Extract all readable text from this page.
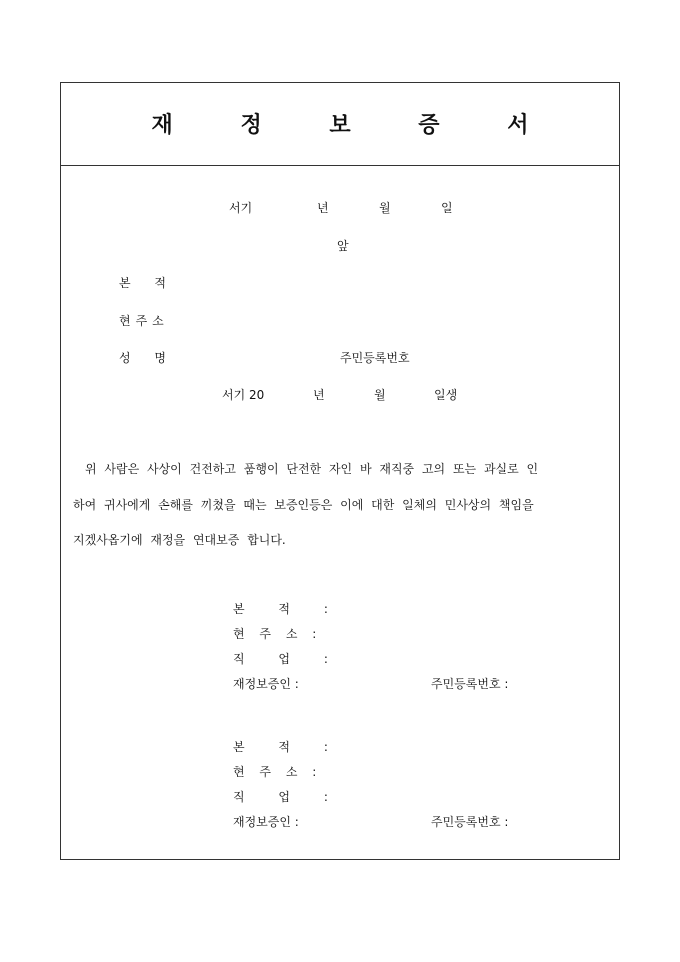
재 정 보 증 서
서기	년	월	일
앞
본 적
현주소
성 명	주민등록번호
서기 20	년	월	일생
위 사람은 사상이 건전하고 품행이 단전한 자인 바 재직중 고의 또는 과실로 인
하여 귀사에게 손해를 끼쳤을 때는 보증인등은 이에 대한 일체의 민사상의 책임을
지겠사옵기에 재정을 연대보증 합니다.
본 적 :
현 주 소 :
직 업 :
재정보증인 :	주민등록번호 :
본 적 :
현 주 소 :
직 업 :
재정보증인 :	주민등록번호 :
